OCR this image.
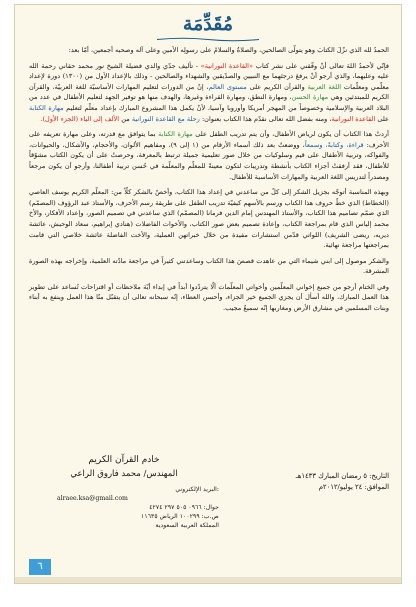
مُقَدِّمَة

الحمدُ لله الذي نزّلَ الكتابَ وهو يتولّى الصالحين، والصلاةُ والسلامُ على رسولِه الأمين وعلى آله وصحبه أجمعين، أمّا بعد:

فإنّي لأحمدُ اللهَ تعالى أنْ وفّقني على نشر كتاب «القاعدة النورانية» - تأليف جدّي والدي فضيلة الشيخ نور محمد حقاني رحمة الله عليه وعليهما، والذي أرجو أنْ يرفعَ درجتَهما مع النبيين والصدّيقين والشهداء والصالحين - وذلك بالإعداد الأول من (١٣٠٠) دورة لإعداد معلّمي ومعلّمات اللغة العربية والقرآن الكريم على مستوى العالم، إنّ من الدورات لتعليم المهارات الأساسيّة للغة العربيّة، والقرآن الكريم للمبتدئين وهي مهارة الحسن، ومهارة النطق، ومهارة القراءة وغيرها، والهدف منها هو توفير الجهد لتعليم الأطفال في عدد من البلاد العربية والإسلامية وخصوصاً من المهجر أمريكا وأوروبا وآسيا، لأنْ يكمل هذا المشروع المبارك بإعداد معلّم لتعليم مهارة الكتابة على القاعدة النورانية، ومنه بفضل الله تعالى نقدّم هذا الكتاب بعنوان: رحلة مع القاعدة النورانية من الألف إلى الياء (الجزء الأول).

أردتُ هذا الكتاب أن يكون لرياض الأطفال، وأن يتم تدريب الطفل على مهارة الكتابة بما يتوافق مع قدرته، وعلى مهارة تعريفه على الأحرف: قراءة، وكتابةً، وسمعاً، ووضعتُ بعد ذلك أسماء الأرقام من (١ إلى ٩)، ومفاهيم الألوان، والأحجام، والأشكال، والحيوانات، والفواكه، وتربية الأطفال على قيم وسلوكيات من خلال صور تعليمية جميلة ترتبط بالمعرفة، وحرصتُ على أن يكون الكتاب مشوّقاً للأطفال، فقد أرفقتُ أجزاء الكتاب بأنشطة وتدريبات لتكون معينةً للمعلّم والمعلّمة في حُسن تربية أطفالنا، وأرجو أن يكون مرجعاً ومصدراً لتدريس اللغة العربية والمهارات الأساسية للأطفال.

وبهذه المناسبة أتوجّه بجزيل الشكر إلى كلّ من ساعدني في إعداد هذا الكتاب، وأخصّ بالشكر كلّاً من: المعلّم الكريم يوسف العاصي (الخطاط) الذي خطّ حروف هذا الكتاب ورسم بالأسهم كيفيّة تدريب الطفل على طريقة رسم الأحرف، والأستاذ عبد الرؤوف (المصمّم) الذي صمّم تصاميم هذا الكتاب، والأستاذ المهندس إمام الدين فرمانا (المصمّم) الذي ساعدني في تصميم الصور، وإعداد الأفكار، والأخ محمد إلياس الذي قام بمراجعة الكتاب، وإعادة تصميم بعض صور الكتاب، والأخوات الفاضلات (هنادي إبراهيم، سعاد الوحيش، عائشة ديريه، ريضى الشريف) اللواتي قدّمن استشارات مفيدة من خلال خبراتهن العملية، والأخت الفاضلة عائشة خلاصي التي قامت بمراجعتها مراجعة نهائية.

والشكر موصول إلى ابني شيماء التي من عاهدت قصصَ هذا الكتاب وساعدتني كثيراً في مراجعة مادّته العلمية، وإخراجه بهذه الصورة المشرقة.

وفي الختام أرجو من جميع إخواني المعلّمين وأخواتي المعلّمات ألّا يتردّدوا أبداً في إبداء أيّة ملاحظات أو اقتراحات تُساعد على تطوير هذا العمل المبارك، والله أسأل أن يجزي الجميع خير الجزاء، وأحسن العطاء، إنّه سبحانه تعالى أن يتقبّل منّا هذا العمل وينفع به أبناء وبنات المسلمين في مشارق الأرض ومغاربها إنّه سميعٌ مجيب.

التاريخ: ٥ رمضان المبارك ١٤٣٣هـ
الموافق: ٢٤ يوليو/٢٠١٢م
خادم القرآن الكريم
المهندس/ محمد فاروق الراعي
البريد الإلكتروني:
alraee.ksa@gmail.com
جوال: ٠٩٦٦ ٥٠٥ ٢٩٧ ٤٢٧٤
ص.ب: ١٠٠٢٩٩ الرياض ١١٦٣٥
المملكة العربية السعودية
٦
